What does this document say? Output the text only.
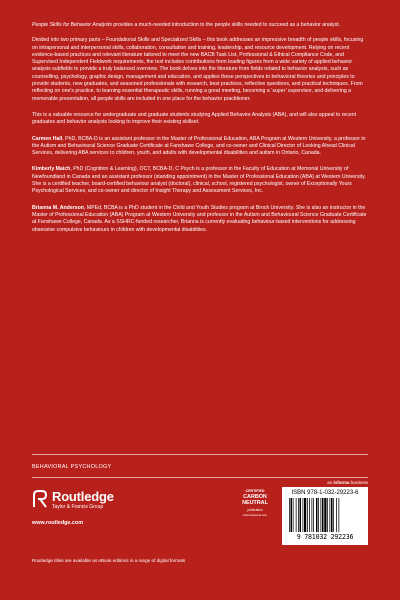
People Skills for Behavior Analysts provides a much-needed introduction to the people skills needed to succeed as a behavior analyst.

Divided into two primary parts – Foundational Skills and Specialized Skills – this book addresses an impressive breadth of people skills, focusing on intrapersonal and interpersonal skills, collaboration, consultation and training, leadership, and resource development. Relying on recent evidence-based practices and relevant literature tailored to meet the new BACB Task List, Professional & Ethical Compliance Code, and Supervised Independent Fieldwork requirements, the text includes contributions from leading figures from a wide variety of applied behavior analysis subfields to provide a truly balanced overview. The book delves into the literature from fields related to behavior analysis, such as counselling, psychology, graphic design, management and education, and applies these perspectives to behavioral theories and principles to provide students, new graduates, and seasoned professionals with research, best practices, reflective questions, and practical techniques. From reflecting on one's practice, to learning essential therapeutic skills, running a great meeting, becoming a ‘super’ supervisor, and delivering a memorable presentation, all people skills are included in one place for the behavior practitioner.

This is a valuable resource for undergraduate and graduate students studying Applied Behavior Analysis (ABA), and will also appeal to recent graduates and behavior analysts looking to improve their existing skillset.

Carmen Hall, PhD, BCBA-D is an assistant professor in the Master of Professional Education, ABA Program at Western University, a professor in the Autism and Behavioural Science Graduate Certificate at Fanshawe College, and co-owner and Clinical Director of Looking Ahead Clinical Services, delivering ABA services to children, youth, and adults with developmental disabilities and autism in Ontario, Canada.

Kimberly Maich, PhD (Cognition & Learning), OCT, BCBA-D, C Psych is a professor in the Faculty of Education at Memorial University of Newfoundland in Canada and an assistant professor (standing appointment) in the Master of Professional Education (ABA) at Western University. She is a certified teacher, board-certified behaviour analyst (doctoral), clinical, school, registered psychologist, owner of Exceptionally Yours Psychological Services, and co-owner and director of Insight Therapy and Assessment Services, Inc.

Brianna M. Anderson, MPEd, BCBA is a PhD student in the Child and Youth Studies program at Brock University. She is also an instructor in the Master of Professional Education (ABA) Program at Western University and professor in the Autism and Behavioural Science Graduate Certificate at Fanshawe College, Canada. As a SSHRC-funded researcher, Brianna is currently evaluating behaviour-based interventions for addressing obsessive compulsive behaviours in children with developmental disabilities.

BEHAVIORAL PSYCHOLOGY
an informa business
Routledge
Taylor & Francis Group
www.routledge.com
CERTIFIED
CARBON NEUTRAL
publication
CarbonNeutral.com
ISBN 978-1-032-29223-6
9 781032 292236
Routledge titles are available as eBook editions in a range of digital formats
